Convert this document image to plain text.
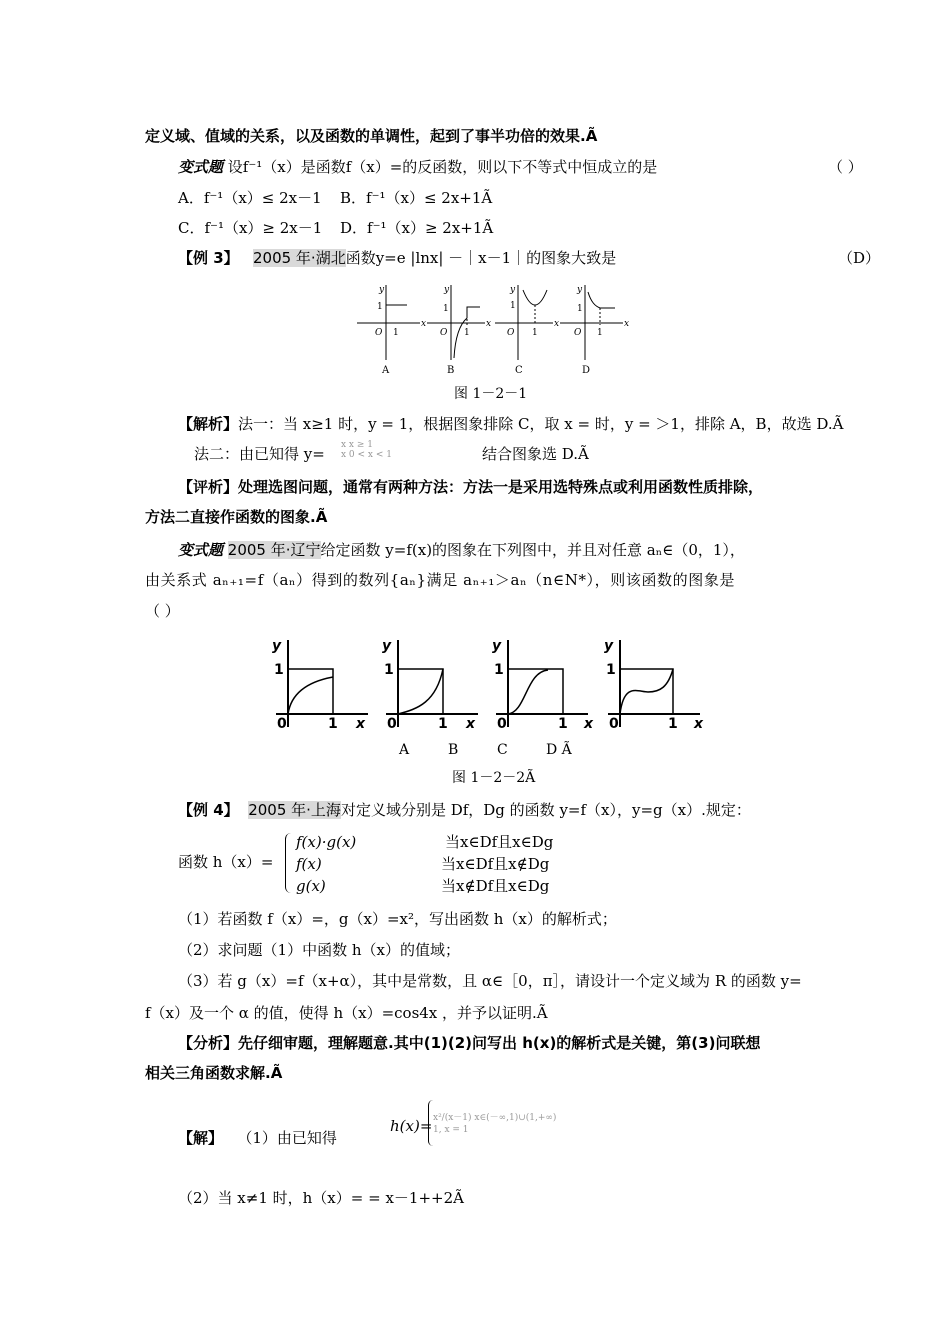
定义域、值域的关系，以及函数的单调性，起到了事半功倍的效果.Ã
变式题 设f⁻¹（x）是函数f（x）=的反函数，则以下不等式中恒成立的是	（ ）
A．f⁻¹（x）≤ 2x－1 B．f⁻¹（x）≤ 2x+1Ã
C．f⁻¹（x）≥ 2x－1 D．f⁻¹（x）≥ 2x+1Ã
【例 3】 2005 年·湖北函数y=e |lnx| －｜x－1｜的图象大致是	（D）
y
x
O
y
x
O
y
x
O
y
x
O
1
1
1
1
1
1
1
1
A	B	C	D
图 1－2－1
【解析】法一：当 x≥1 时，y = 1，根据图象排除 C，取 x = 时，y = ＞1，排除 A，B，故选 D.Ã
法二：由已知得 y= x x ≥ 1
x 0 < x < 1	结合图象选 D.Ã
【评析】处理选图问题，通常有两种方法：方法一是采用选特殊点或利用函数性质排除，
方法二直接作函数的图象.Ã
变式题 2005 年·辽宁给定函数 y=f(x)的图象在下列图中，并且对任意 aₙ∈（0，1），
由关系式 aₙ₊₁=f（aₙ）得到的数列{aₙ}满足 aₙ₊₁＞aₙ（n∈N*），则该函数的图象是
（ ）
y
x
y
x
y
x
y
x
1
0	1
1
0	1
1
0	1
1
0	1
A	B	C	D Ã
图 1－2－2Ã
【例 4】 2005 年·上海对定义域分别是 Df，Dg 的函数 y=f（x），y=g（x）.规定：
函数 h（x）=
f(x)·g(x)	当x∈Df且x∈Dg
f(x)	当x∈Df且x∉Dg
g(x)	当x∉Df且x∈Dg
（1）若函数 f（x）=，g（x）=x²，写出函数 h（x）的解析式；
（2）求问题（1）中函数 h（x）的值域；
（3）若 g（x）=f（x+α），其中是常数，且 α∈［0，π］，请设计一个定义域为 R 的函数 y=
f（x）及一个 α 的值，使得 h（x）=cos4x ，并予以证明.Ã
【分析】先仔细审题，理解题意.其中(1)(2)问写出 h(x)的解析式是关键，第(3)问联想
相关三角函数求解.Ã
【解】 （1）由已知得
h(x)= x²/(x－1) x∈(－∞,1)∪(1,+∞)
1, x = 1
（2）当 x≠1 时，h（x）= = x－1++2Ã
